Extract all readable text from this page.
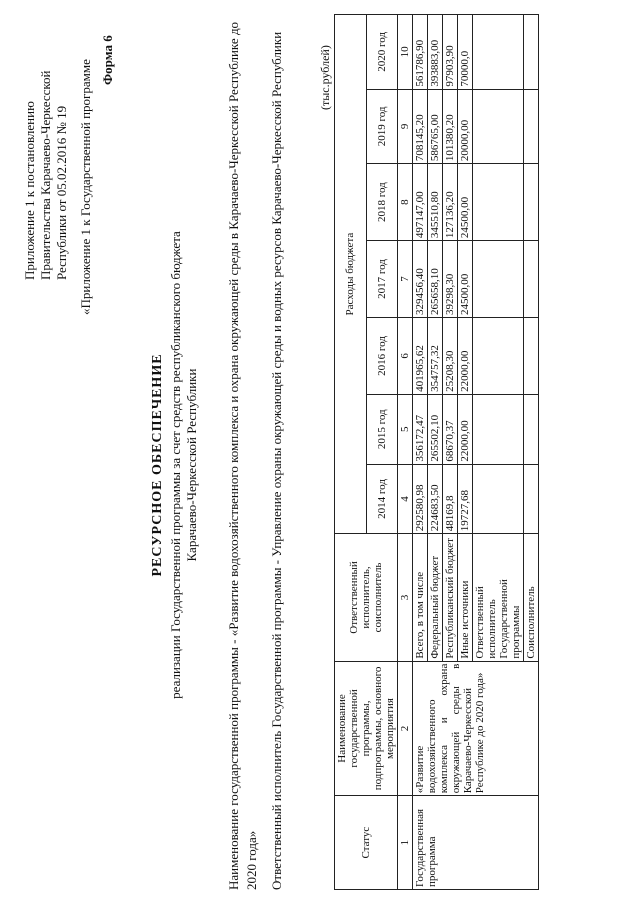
Приложение 1 к постановлению Правительства Карачаево-Черкесской Республики от 05.02.2016 № 19 «Приложение 1 к Государственной программе Форма 6
РЕСУРСНОЕ ОБЕСПЕЧЕНИЕ реализации Государственной программы за счет средств республиканского бюджета Карачаево-Черкесской Республики Наименование государственной программы - «Развитие водохозяйственного комплекса и охрана окружающей среды в Карачаево-Черкесской Республике до 2020 года» Ответственный исполнитель Государственной программы - Управление охраны окружающей среды и водных ресурсов Карачаево-Черкесской Республики	(тыс.рублей)
Статус	Наименование государственной программы, подпрограммы, основного мероприятия	Ответственный исполнитель, соисполнитель	Расходы бюджета						
			2014 год	2015 год	2016 год	2017 год	2018 год	2019 год	2020 год
1	2	3	4	5	6	7	8	9	10
Государственная программа	«Развитие водохозяйственного комплекса и охрана окружающей среды в Карачаево-Черкесской Республике до 2020 года»	Всего, в том числе	292580,98	356172,47	401965,62	329456,40	497147,00	708145,20	561786,90
		Федеральный бюджет	224683,50	265502,10	354757,32	265658,10	345510,80	586765,00	393883,00
		Республиканский бюджет	48169,8	68670,37	25208,30	39298,30	127136,20	101380,20	97903,90
		Иные источники	19727,68	22000,00	22000,00	24500,00	24500,00	20000,00	70000,0
		Ответственный исполнитель Государственной программы							
		Соисполнитель							
